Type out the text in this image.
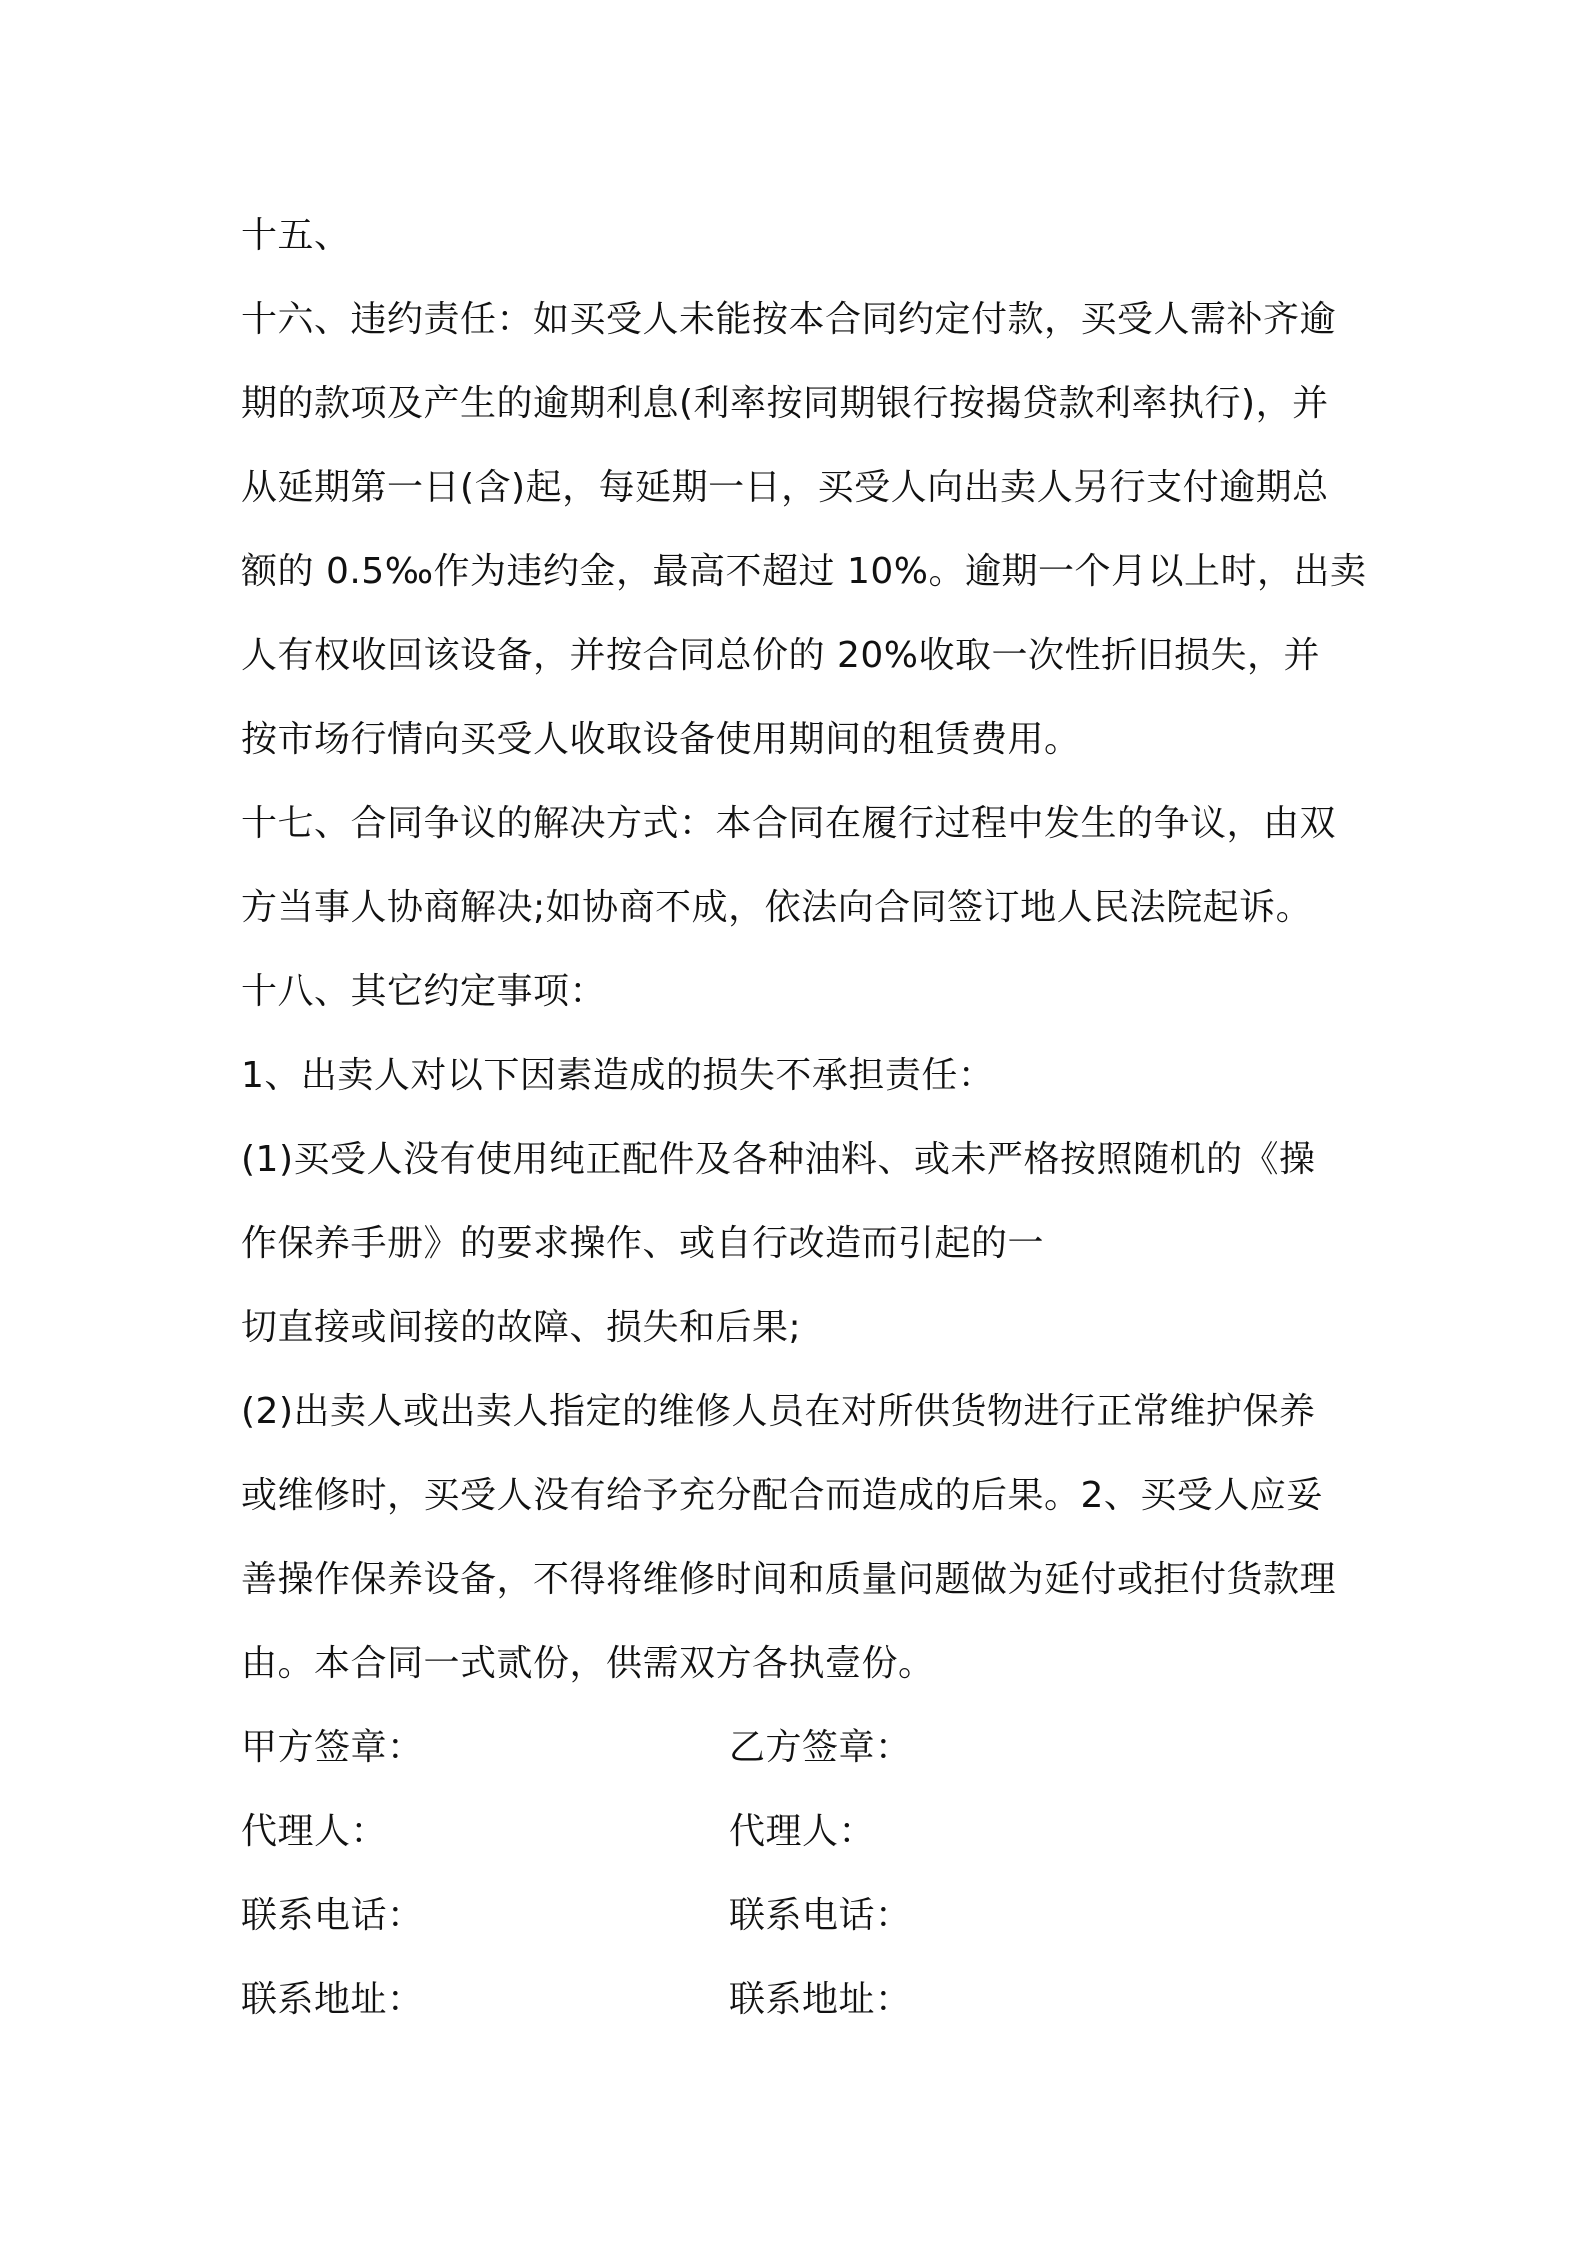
十五、
十六、违约责任：如买受人未能按本合同约定付款，买受人需补齐逾
期的款项及产生的逾期利息(利率按同期银行按揭贷款利率执行)，并
从延期第一日(含)起，每延期一日，买受人向出卖人另行支付逾期总
额的 0.5‰作为违约金，最高不超过 10%。逾期一个月以上时，出卖
人有权收回该设备，并按合同总价的 20%收取一次性折旧损失，并
按市场行情向买受人收取设备使用期间的租赁费用。
十七、合同争议的解决方式：本合同在履行过程中发生的争议，由双
方当事人协商解决;如协商不成，依法向合同签订地人民法院起诉。
十八、其它约定事项：
1、出卖人对以下因素造成的损失不承担责任：
(1)买受人没有使用纯正配件及各种油料、或未严格按照随机的《操
作保养手册》的要求操作、或自行改造而引起的一
切直接或间接的故障、损失和后果;
(2)出卖人或出卖人指定的维修人员在对所供货物进行正常维护保养
或维修时，买受人没有给予充分配合而造成的后果。2、买受人应妥
善操作保养设备，不得将维修时间和质量问题做为延付或拒付货款理
由。本合同一式贰份，供需双方各执壹份。
甲方签章：	乙方签章：
代理人：	代理人：
联系电话：	联系电话：
联系地址：	联系地址：
